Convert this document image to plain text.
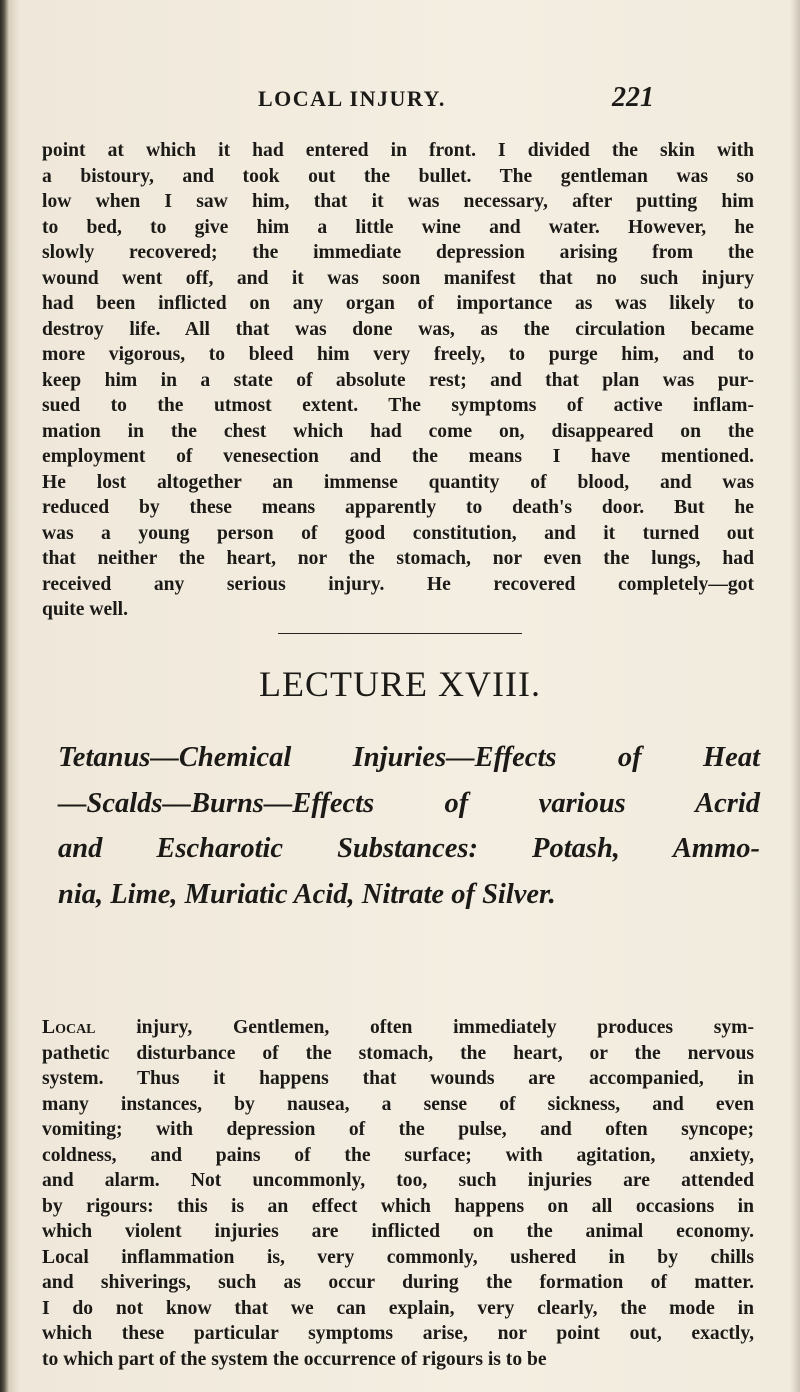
LOCAL INJURY.	221
point at which it had entered in front. I divided the skin with
a bistoury, and took out the bullet. The gentleman was so
low when I saw him, that it was necessary, after putting him
to bed, to give him a little wine and water. However, he
slowly recovered; the immediate depression arising from the
wound went off, and it was soon manifest that no such injury
had been inflicted on any organ of importance as was likely to
destroy life. All that was done was, as the circulation became
more vigorous, to bleed him very freely, to purge him, and to
keep him in a state of absolute rest; and that plan was pur-
sued to the utmost extent. The symptoms of active inflam-
mation in the chest which had come on, disappeared on the
employment of venesection and the means I have mentioned.
He lost altogether an immense quantity of blood, and was
reduced by these means apparently to death's door. But he
was a young person of good constitution, and it turned out
that neither the heart, nor the stomach, nor even the lungs, had
received any serious injury. He recovered completely—got
quite well.
LECTURE XVIII.
Tetanus—Chemical Injuries—Effects of Heat
—Scalds—Burns—Effects of various Acrid
and Escharotic Substances: Potash, Ammo-
nia, Lime, Muriatic Acid, Nitrate of Silver.
Local injury, Gentlemen, often immediately produces sym-
pathetic disturbance of the stomach, the heart, or the nervous
system. Thus it happens that wounds are accompanied, in
many instances, by nausea, a sense of sickness, and even
vomiting; with depression of the pulse, and often syncope;
coldness, and pains of the surface; with agitation, anxiety,
and alarm. Not uncommonly, too, such injuries are attended
by rigours: this is an effect which happens on all occasions in
which violent injuries are inflicted on the animal economy.
Local inflammation is, very commonly, ushered in by chills
and shiverings, such as occur during the formation of matter.
I do not know that we can explain, very clearly, the mode in
which these particular symptoms arise, nor point out, exactly,
to which part of the system the occurrence of rigours is to be
